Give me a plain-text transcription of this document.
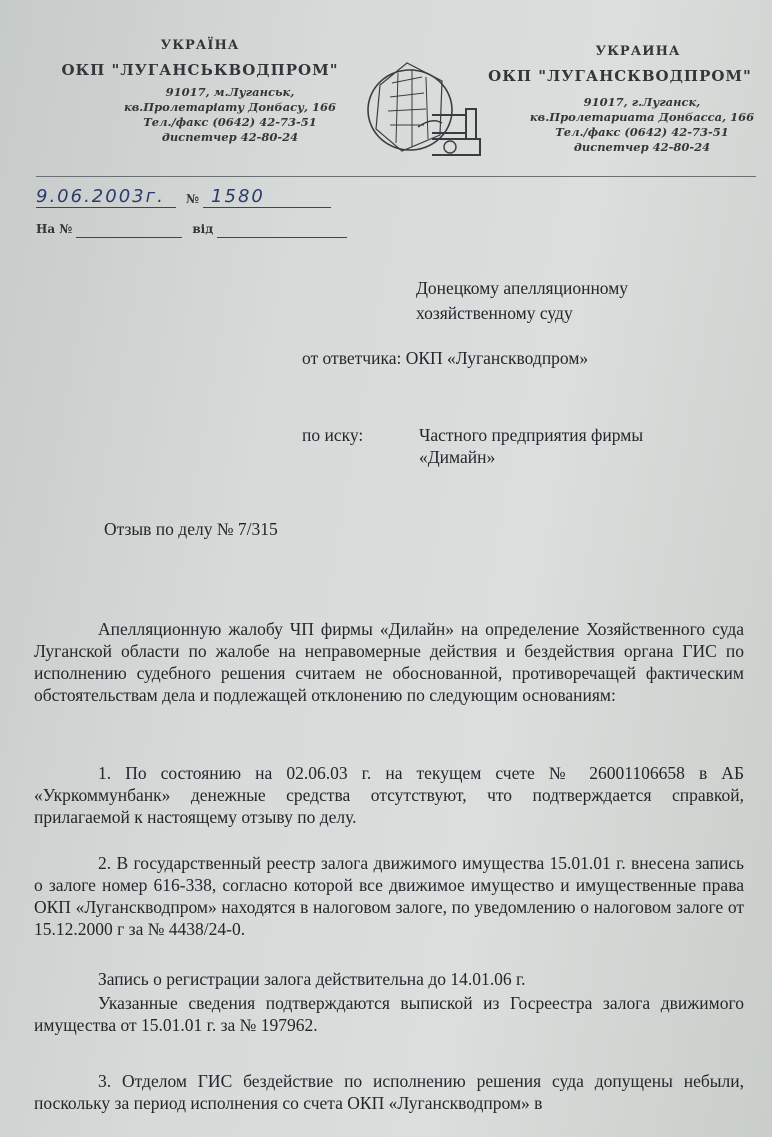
УКРАЇНА
ОКП "ЛУГАНСЬКВОДПРОМ"
91017, м.Луганськ,
кв.Пролетаріату Донбасу, 166
Тел./факс (0642) 42-73-51
диспетчер 42-80-24
УКРАИНА
ОКП "ЛУГАНСКВОДПРОМ"
91017, г.Луганск,
кв.Пролетариата Донбасса, 166
Тел./факс (0642) 42-73-51
диспетчер 42-80-24
9.06.2003г. № 1580
На №	від
Донецкому апелляционному
хозяйственному суду
от ответчика: ОКП «Луганскводпром»
по иску:	Частного предприятия фирмы
«Димайн»
Отзыв по делу № 7/315
Апелляционную жалобу ЧП фирмы «Дилайн» на определение Хозяйственного суда Луганской области по жалобе на неправомерные действия и бездействия органа ГИС по исполнению судебного решения считаем не обоснованной, противоречащей фактическим обстоятельствам дела и подлежащей отклонению по следующим основаниям:
1. По состоянию на 02.06.03 г. на текущем счете № 26001106658 в АБ «Укркоммунбанк» денежные средства отсутствуют, что подтверждается справкой, прилагаемой к настоящему отзыву по делу.
2. В государственный реестр залога движимого имущества 15.01.01 г. внесена запись о залоге номер 616-338, согласно которой все движимое имущество и имущественные права ОКП «Луганскводпром» находятся в налоговом залоге, по уведомлению о налоговом залоге от 15.12.2000 г за № 4438/24-0.
Запись о регистрации залога действительна до 14.01.06 г.
Указанные сведения подтверждаются выпиской из Госреестра залога движимого имущества от 15.01.01 г. за № 197962.
3. Отделом ГИС бездействие по исполнению решения суда допущены небыли, поскольку за период исполнения со счета ОКП «Луганскводпром» в
